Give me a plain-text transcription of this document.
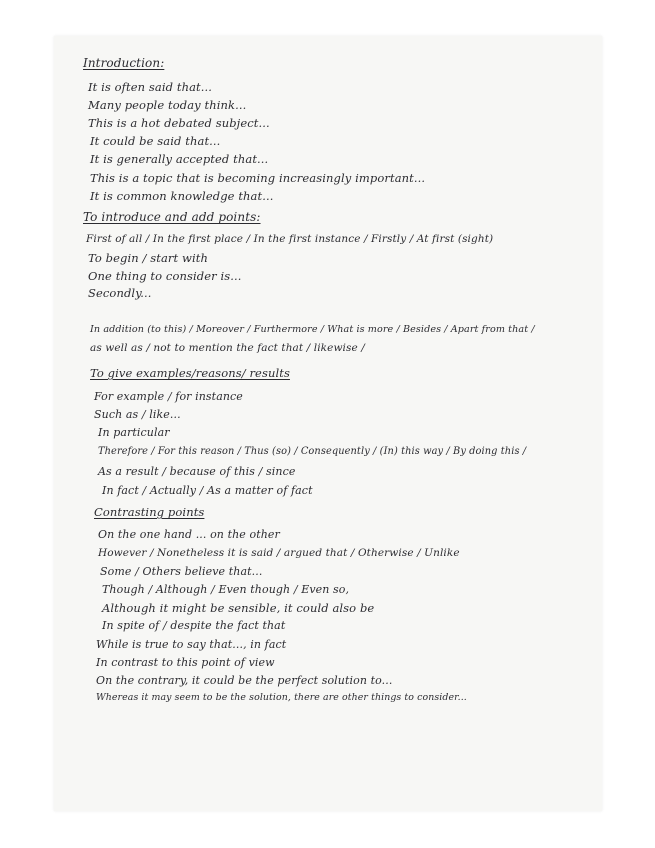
Introduction:
It is often said that...
Many people today think...
This is a hot debated subject...
It could be said that...
It is generally accepted that...
This is a topic that is becoming increasingly important...
It is common knowledge that...
To introduce and add points:
First of all / In the first place / In the first instance / Firstly / At first (sight)
To begin / start with
One thing to consider is...
Secondly...
In addition (to this) / Moreover / Furthermore / What is more / Besides / Apart from that /
as well as / not to mention the fact that / likewise /
To give examples/reasons/ results
For example / for instance
Such as / like...
In particular
Therefore / For this reason / Thus (so) / Consequently / (In) this way / By doing this /
As a result / because of this / since
In fact / Actually / As a matter of fact
Contrasting points
On the one hand ... on the other
However / Nonetheless it is said / argued that / Otherwise / Unlike
Some / Others believe that...
Though / Although / Even though / Even so,
Although it might be sensible, it could also be
In spite of / despite the fact that
While is true to say that..., in fact
In contrast to this point of view
On the contrary, it could be the perfect solution to...
Whereas it may seem to be the solution, there are other things to consider...
